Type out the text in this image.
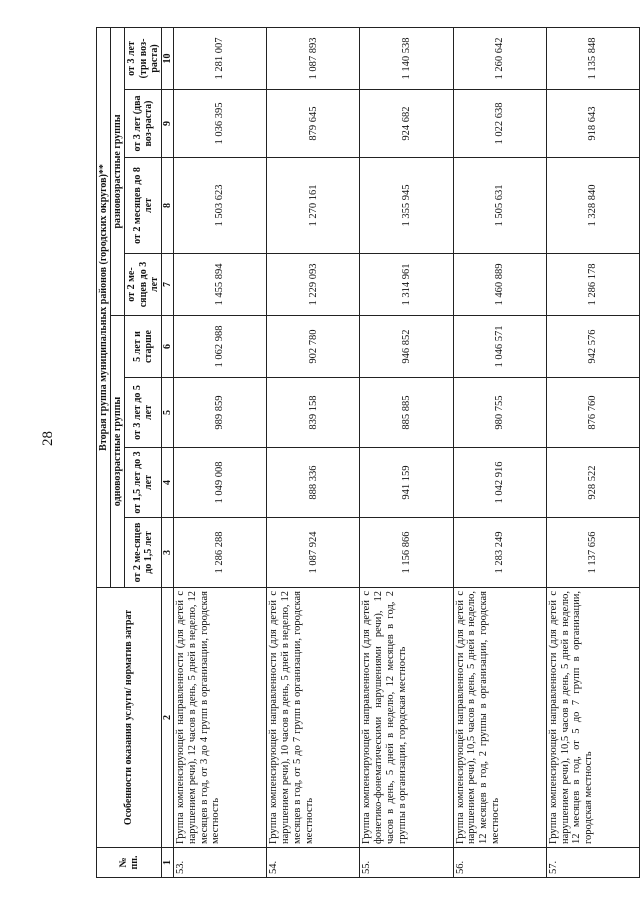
28
№ пп.	Особенности оказания услуги/ норматив затрат	Вторая группа муниципальных районов (городских округов)**							
		одновозрастные группы				разновозрастные группы			
		от 2 ме-сяцев до 1,5 лет	от 1,5 лет до 3 лет	от 3 лет до 5 лет	5 лет и старше	от 2 ме-сяцев до 3 лет	от 2 месяцев до 8 лет	от 3 лет (два воз-раста)	от 3 лет (три воз-раста)
1	2	3	4	5	6	7	8	9	10
53.	Группа компенсирующей направленности (для детей с нарушением речи), 12 часов в день, 5 дней в неделю, 12 месяцев в год, от 3 до 4 групп в организации, городская местность	1 286 288	1 049 008	989 859	1 062 988	1 455 894	1 503 623	1 036 395	1 281 007
54.	Группа компенсирующей направленности (для детей с нарушением речи), 10 часов в день, 5 дней в неделю, 12 месяцев в год, от 5 до 7 групп в организации, городская местность	1 087 924	888 336	839 158	902 780	1 229 093	1 270 161	879 645	1 087 893
55.	Группа компенсирующей направленности (для детей с фонетико-фонематическими нарушениями речи), 12 часов в день, 5 дней в неделю, 12 месяцев в год, 2 группы в организации, городская местность	1 156 866	941 159	885 885	946 852	1 314 961	1 355 945	924 682	1 140 538
56.	Группа компенсирующей направленности (для детей с нарушением речи), 10,5 часов в день, 5 дней в неделю, 12 месяцев в год, 2 группы в организации, городская местность	1 283 249	1 042 916	980 755	1 046 571	1 460 889	1 505 631	1 022 638	1 260 642
57.	Группа компенсирующей направленности (для детей с нарушением речи), 10,5 часов в день, 5 дней в неделю, 12 месяцев в год, от 5 до 7 групп в организации, городская местность	1 137 656	928 522	876 760	942 576	1 286 178	1 328 840	918 643	1 135 848
